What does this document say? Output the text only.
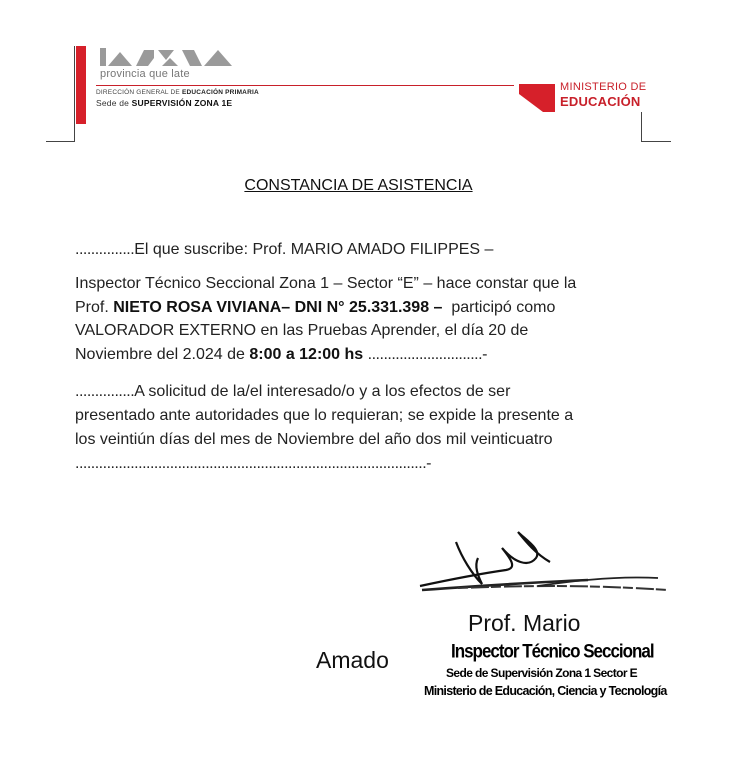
provincia que late
DIRECCIÓN GENERAL DE EDUCACIÓN PRIMARIA
Sede de SUPERVISIÓN ZONA 1E
MINISTERIO DE
EDUCACIÓN
CONSTANCIA DE ASISTENCIA
...............El que suscribe: Prof. MARIO AMADO FILIPPES –
Inspector Técnico Seccional Zona 1 – Sector “E” – hace constar que la
Prof. NIETO ROSA VIVIANA– DNI N° 25.331.398 – participó como
VALORADOR EXTERNO en las Pruebas Aprender, el día 20 de
Noviembre del 2.024 de 8:00 a 12:00 hs .............................-
...............A solicitud de la/el interesado/o y a los efectos de ser
presentado ante autoridades que lo requieran; se expide la presente a
los veintiún días del mes de Noviembre del año dos mil veinticuatro
.........................................................................................-
Prof. Mario
Amado	Inspector Técnico Seccional
Sede de Supervisión Zona 1 Sector E
Ministerio de Educación, Ciencia y Tecnología
